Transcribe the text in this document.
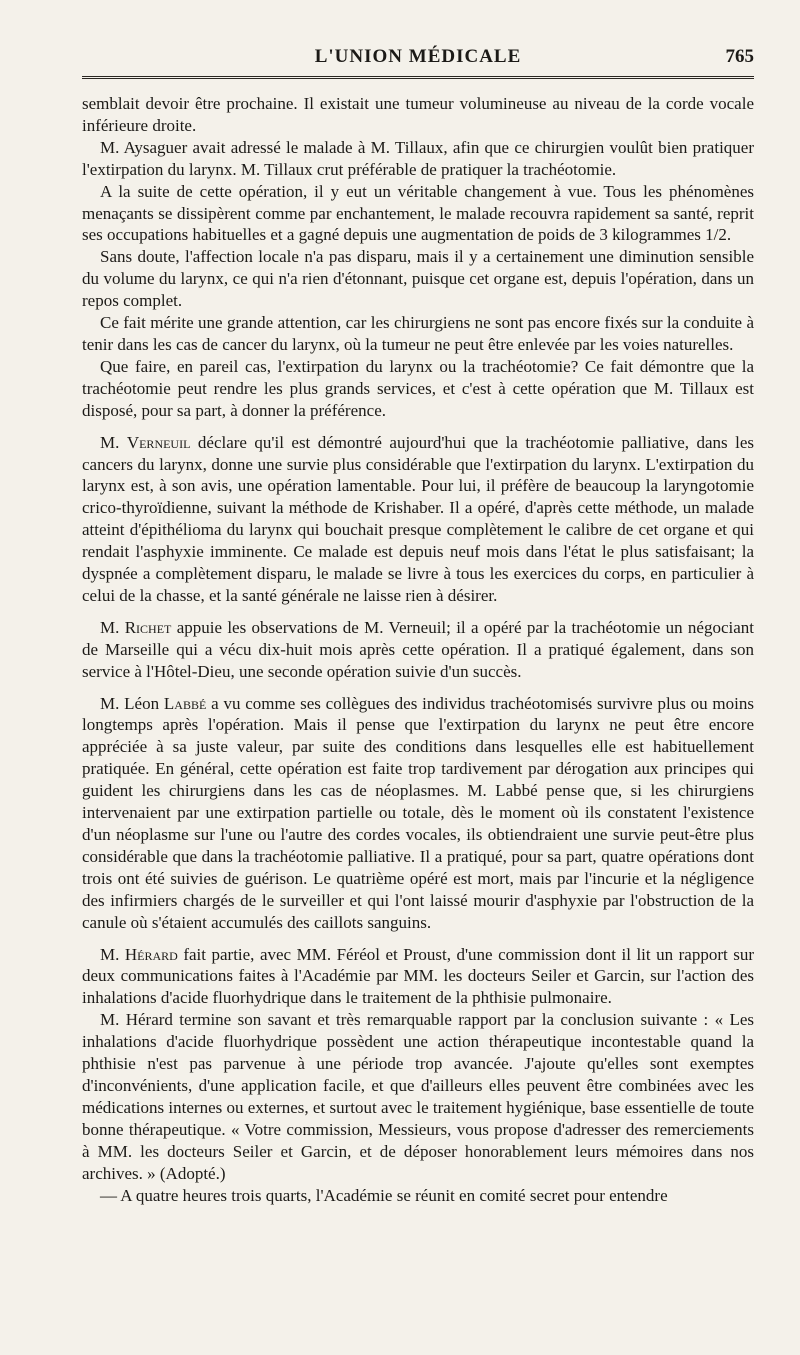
L'UNION MÉDICALE	765

semblait devoir être prochaine. Il existait une tumeur volumineuse au niveau de la corde vocale inférieure droite.

M. Aysaguer avait adressé le malade à M. Tillaux, afin que ce chirurgien voulût bien pratiquer l'extirpation du larynx. M. Tillaux crut préférable de pratiquer la trachéotomie.

A la suite de cette opération, il y eut un véritable changement à vue. Tous les phénomènes menaçants se dissipèrent comme par enchantement, le malade recouvra rapidement sa santé, reprit ses occupations habituelles et a gagné depuis une augmentation de poids de 3 kilogrammes 1/2.

Sans doute, l'affection locale n'a pas disparu, mais il y a certainement une diminution sensible du volume du larynx, ce qui n'a rien d'étonnant, puisque cet organe est, depuis l'opération, dans un repos complet.

Ce fait mérite une grande attention, car les chirurgiens ne sont pas encore fixés sur la conduite à tenir dans les cas de cancer du larynx, où la tumeur ne peut être enlevée par les voies naturelles.

Que faire, en pareil cas, l'extirpation du larynx ou la trachéotomie? Ce fait démontre que la trachéotomie peut rendre les plus grands services, et c'est à cette opération que M. Tillaux est disposé, pour sa part, à donner la préférence.

M. Verneuil déclare qu'il est démontré aujourd'hui que la trachéotomie palliative, dans les cancers du larynx, donne une survie plus considérable que l'extirpation du larynx. L'extirpation du larynx est, à son avis, une opération lamentable. Pour lui, il préfère de beaucoup la laryngotomie crico-thyroïdienne, suivant la méthode de Krishaber. Il a opéré, d'après cette méthode, un malade atteint d'épithélioma du larynx qui bouchait presque complètement le calibre de cet organe et qui rendait l'asphyxie imminente. Ce malade est depuis neuf mois dans l'état le plus satisfaisant; la dyspnée a complètement disparu, le malade se livre à tous les exercices du corps, en particulier à celui de la chasse, et la santé générale ne laisse rien à désirer.

M. Richet appuie les observations de M. Verneuil; il a opéré par la trachéotomie un négociant de Marseille qui a vécu dix-huit mois après cette opération. Il a pratiqué également, dans son service à l'Hôtel-Dieu, une seconde opération suivie d'un succès.

M. Léon Labbé a vu comme ses collègues des individus trachéotomisés survivre plus ou moins longtemps après l'opération. Mais il pense que l'extirpation du larynx ne peut être encore appréciée à sa juste valeur, par suite des conditions dans lesquelles elle est habituellement pratiquée. En général, cette opération est faite trop tardivement par dérogation aux principes qui guident les chirurgiens dans les cas de néoplasmes. M. Labbé pense que, si les chirurgiens intervenaient par une extirpation partielle ou totale, dès le moment où ils constatent l'existence d'un néoplasme sur l'une ou l'autre des cordes vocales, ils obtiendraient une survie peut-être plus considérable que dans la trachéotomie palliative. Il a pratiqué, pour sa part, quatre opérations dont trois ont été suivies de guérison. Le quatrième opéré est mort, mais par l'incurie et la négligence des infirmiers chargés de le surveiller et qui l'ont laissé mourir d'asphyxie par l'obstruction de la canule où s'étaient accumulés des caillots sanguins.

M. Hérard fait partie, avec MM. Féréol et Proust, d'une commission dont il lit un rapport sur deux communications faites à l'Académie par MM. les docteurs Seiler et Garcin, sur l'action des inhalations d'acide fluorhydrique dans le traitement de la phthisie pulmonaire.

M. Hérard termine son savant et très remarquable rapport par la conclusion suivante : « Les inhalations d'acide fluorhydrique possèdent une action thérapeutique incontestable quand la phthisie n'est pas parvenue à une période trop avancée. J'ajoute qu'elles sont exemptes d'inconvénients, d'une application facile, et que d'ailleurs elles peuvent être combinées avec les médications internes ou externes, et surtout avec le traitement hygiénique, base essentielle de toute bonne thérapeutique. « Votre commission, Messieurs, vous propose d'adresser des remerciements à MM. les docteurs Seiler et Garcin, et de déposer honorablement leurs mémoires dans nos archives. » (Adopté.)

— A quatre heures trois quarts, l'Académie se réunit en comité secret pour entendre
